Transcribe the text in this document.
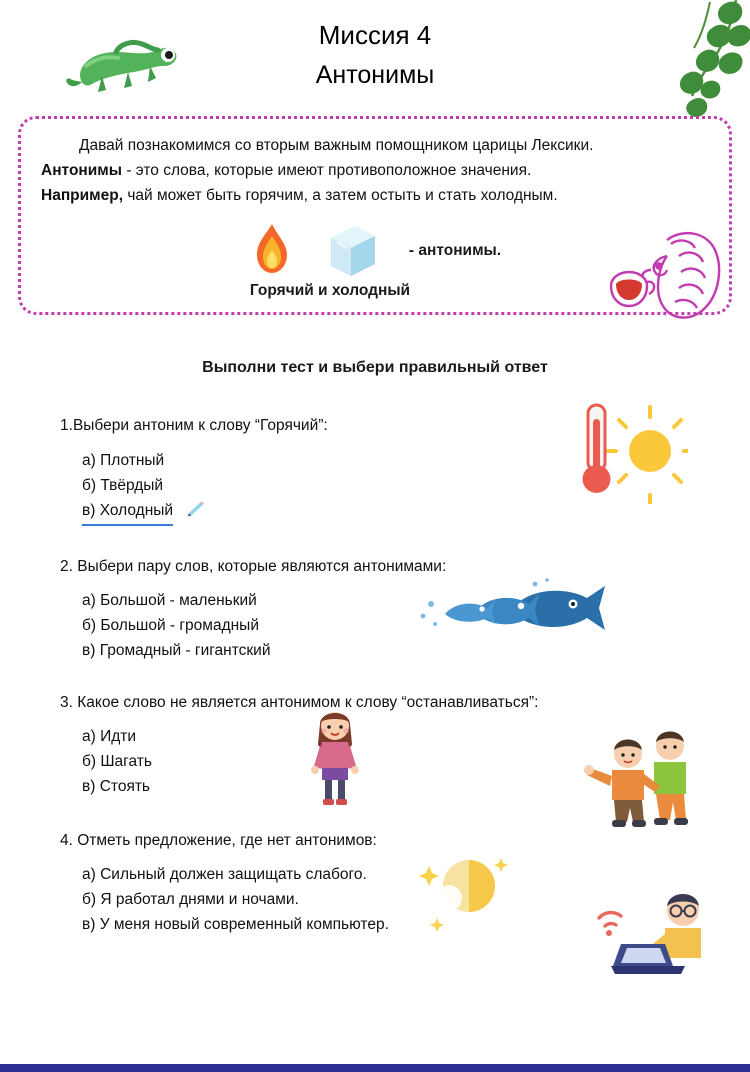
Миссия 4
Антонимы
Давай познакомимся со вторым важным помощником царицы Лексики.
Антонимы - это слова, которые имеют противоположное значения.
Например, чай может быть горячим, а затем остыть и стать холодным.
- антонимы.
Горячий и холодный
Выполни тест и выбери правильный ответ
1.Выбери антоним к слову “Горячий”:
а) Плотный
б) Твёрдый
в) Холодный
2. Выбери пару слов, которые являются антонимами:
а) Большой - маленький
б) Большой - громадный
в) Громадный - гигантский
3. Какое слово не является антонимом к слову “останавливаться”:
а) Идти
б) Шагать
в) Стоять
4. Отметь предложение, где нет антонимов:
а) Сильный должен защищать слабого.
б) Я работал днями и ночами.
в) У меня новый современный компьютер.
